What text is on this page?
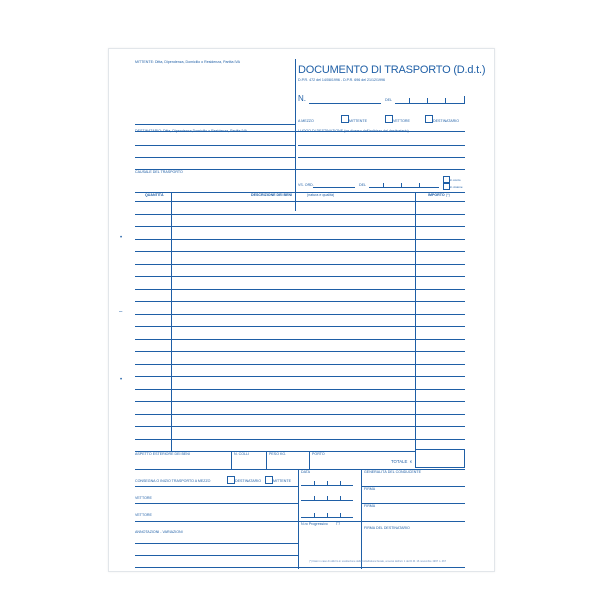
MITTENTE: Ditta, Dipendenza, Domicilio o Residenza, Partita IVA
DOCUMENTO DI TRASPORTO (D.d.t.)
D.P.R. 472 del 14/08/1996 - D.P.R. 696 del 21/12/1996
N.	DEL
A MEZZO	MITTENTE	VETTORE	DESTINATARIO
DESTINATARIO: Ditta, Dipendenza,Domicilio o Residenza, Partita IVA	LUOGO DI DESTINAZIONE (se diverso dall'indirizzo del destinatario)
CAUSALE DEL TRASPORTO
VS. ORD.	DEL
in conto
in visione
QUANTITÀ	DESCRIZIONE DEI BENI	(natura e qualità)	IMPORTO (*)
ASPETTO ESTERIORE DEI BENI	N. COLLI	PESO KG.	PORTO
TOTALE €
DATA	GENERALITÀ DEL CONDUCENTE
CONSEGNA O INIZIO TRASPORTO A MEZZO	DESTINATARIO	MITTENTE
FIRMA
VETTORE
FIRMA
VETTORE
N.ro Progressivo (*)
FIRMA DEL DESTINATARIO
ANNOTAZIONI - VARIAZIONI
(*) Dato in caso di utilizzo in sostituzione della bolla/fattura fiscale, ai sensi dell'art. 1 del D.M. 16 novembre 1997 n. 467
•
–
•
